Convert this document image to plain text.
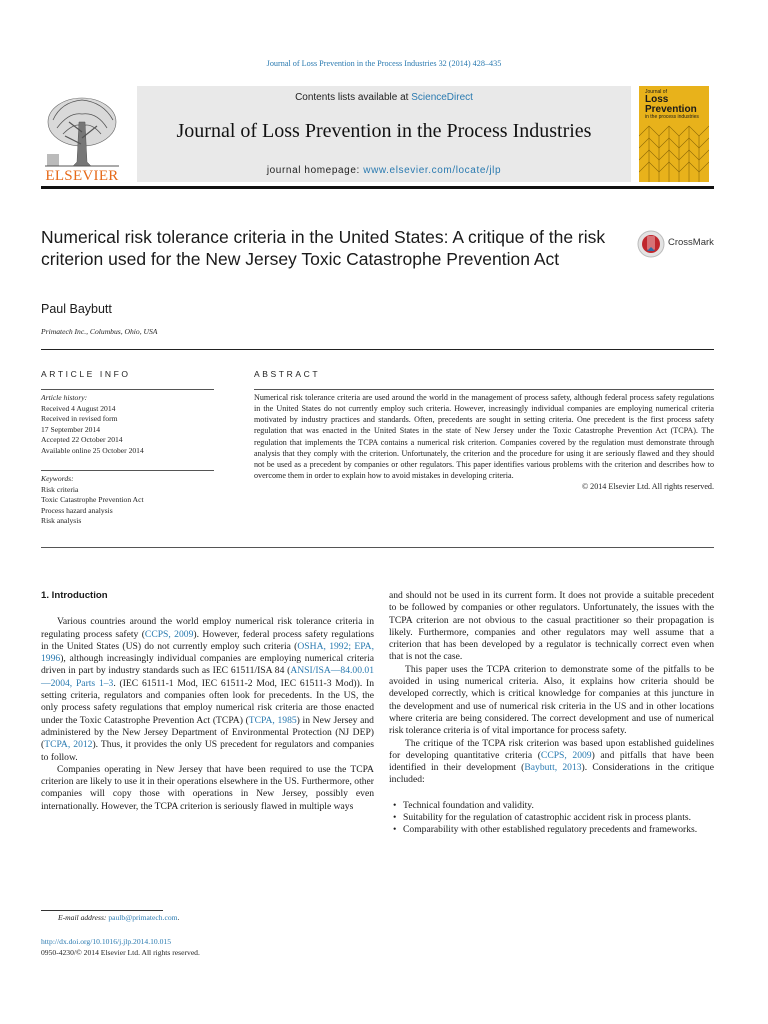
Journal of Loss Prevention in the Process Industries 32 (2014) 428–435
ELSEVIER
Contents lists available at ScienceDirect
Journal of Loss Prevention in the Process Industries
journal homepage: www.elsevier.com/locate/jlp
Journal of
Loss
Prevention
in the process industries
Numerical risk tolerance criteria in the United States: A critique of the risk criterion used for the New Jersey Toxic Catastrophe Prevention Act
CrossMark
Paul Baybutt
Primatech Inc., Columbus, Ohio, USA
ARTICLE INFO
Article history:
Received 4 August 2014
Received in revised form
17 September 2014
Accepted 22 October 2014
Available online 25 October 2014
Keywords:
Risk criteria
Toxic Catastrophe Prevention Act
Process hazard analysis
Risk analysis
ABSTRACT
Numerical risk tolerance criteria are used around the world in the management of process safety, although federal process safety regulations in the United States do not currently employ such criteria. However, increasingly individual companies are employing numerical criteria motivated by industry practices and standards. Often, precedents are sought in setting criteria. One precedent is the first process safety regulation that was enacted in the United States in the state of New Jersey under the Toxic Catastrophe Prevention Act (TCPA). The regulation that implements the TCPA contains a numerical risk criterion. Companies covered by the regulation must demonstrate through analysis that they comply with the criterion. Unfortunately, the criterion and the procedure for using it are seriously flawed and they should not be used as a precedent by companies or other regulators. This paper identifies various problems with the criterion and describes how to overcome them in order to explain how to avoid mistakes in developing criteria.
© 2014 Elsevier Ltd. All rights reserved.
1. Introduction

Various countries around the world employ numerical risk tolerance criteria in regulating process safety (CCPS, 2009). However, federal process safety regulations in the United States (US) do not currently employ such criteria (OSHA, 1992; EPA, 1996), although increasingly individual companies are employing numerical criteria driven in part by industry standards such as IEC 61511/ISA 84 (ANSI/ISA—84.00.01—2004, Parts 1–3. (IEC 61511-1 Mod, IEC 61511-2 Mod, IEC 61511-3 Mod)). In setting criteria, regulators and companies often look for precedents. In the US, the only process safety regulations that employ numerical risk criteria are those enacted under the Toxic Catastrophe Prevention Act (TCPA) (TCPA, 1985) in New Jersey and administered by the New Jersey Department of Environmental Protection (NJ DEP) (TCPA, 2012). Thus, it provides the only US precedent for regulators and companies to follow.

Companies operating in New Jersey that have been required to use the TCPA criterion are likely to use it in their operations elsewhere in the US. Furthermore, other companies will copy those with operations in New Jersey, possibly even internationally. However, the TCPA criterion is seriously flawed in multiple ways

and should not be used in its current form. It does not provide a suitable precedent to be followed by companies or other regulators. Unfortunately, the issues with the TCPA criterion are not obvious to the casual practitioner so their propagation is likely. Furthermore, companies and other regulators may well assume that a criterion that has been developed by a regulator is technically correct even when that is not the case.

This paper uses the TCPA criterion to demonstrate some of the pitfalls to be avoided in using numerical criteria. Also, it explains how criteria should be developed correctly, which is critical knowledge for companies at this juncture in the development and use of numerical risk criteria in the US and in other locations where criteria are being considered. The correct development and use of numerical risk tolerance criteria is of vital importance for process safety.

The critique of the TCPA risk criterion was based upon established guidelines for developing quantitative criteria (CCPS, 2009) and pitfalls that have been identified in their development (Baybutt, 2013). Considerations in the critique included:

• Technical foundation and validity.
• Suitability for the regulation of catastrophic accident risk in process plants.
• Comparability with other established regulatory precedents and frameworks.
E-mail address: paulb@primatech.com.
http://dx.doi.org/10.1016/j.jlp.2014.10.015
0950-4230/© 2014 Elsevier Ltd. All rights reserved.
